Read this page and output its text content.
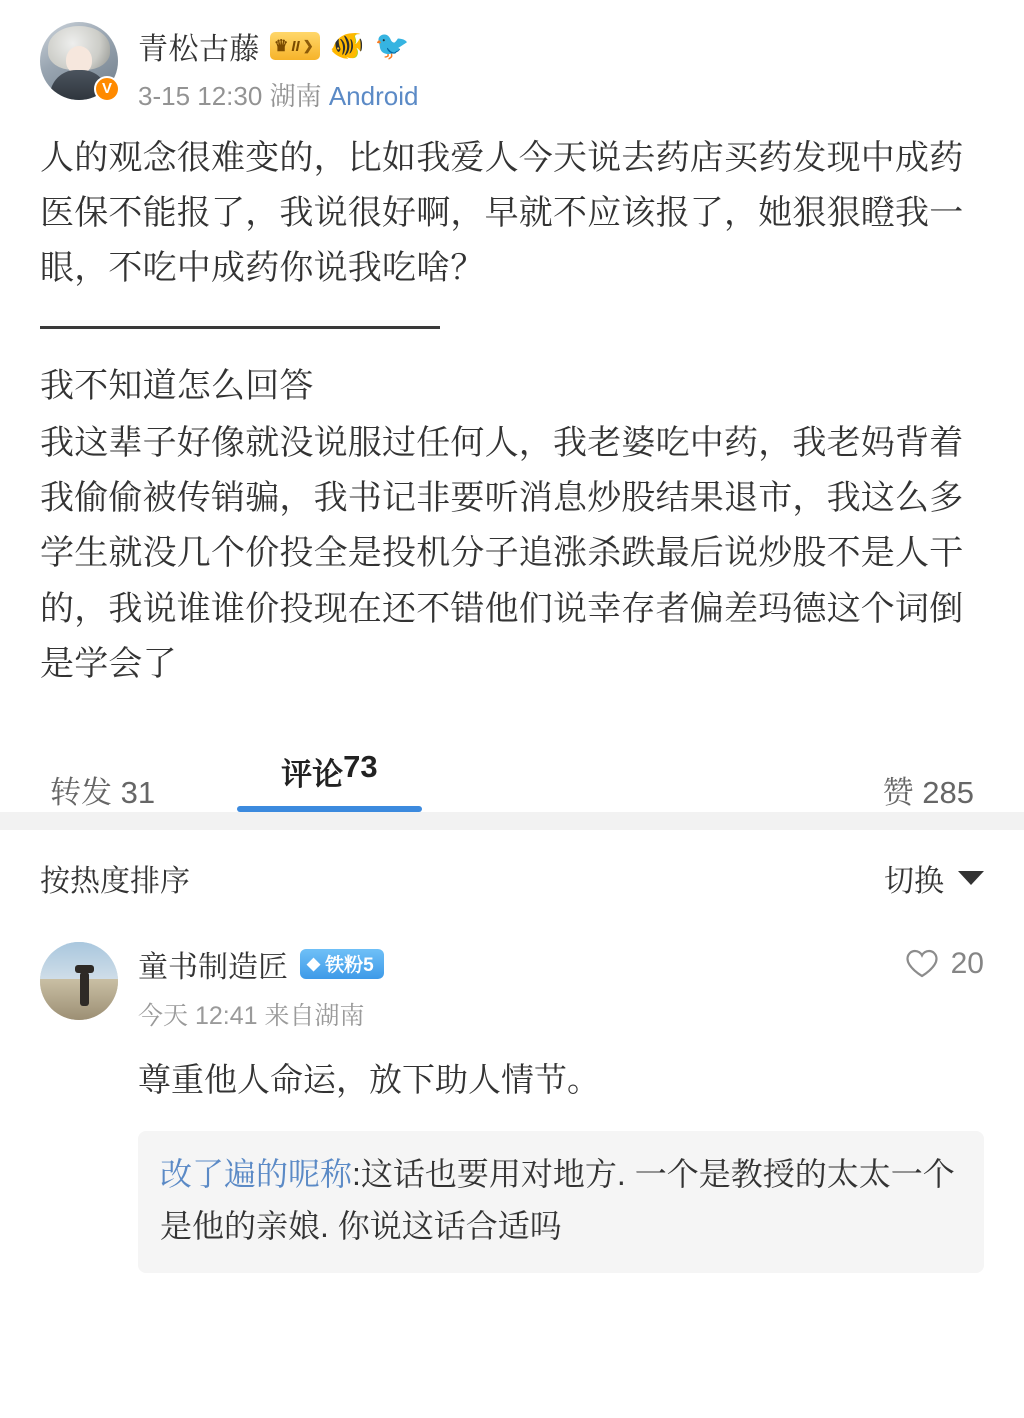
V
青松古藤 ♛ II ❯ 🐠 🐦
3-15 12:30 湖南 Android

人的观念很难变的，比如我爱人今天说去药店买药发现中成药医保不能报了，我说很好啊，早就不应该报了，她狠狠瞪我一眼，不吃中成药你说我吃啥？

我不知道怎么回答

我这辈子好像就没说服过任何人，我老婆吃中药，我老妈背着我偷偷被传销骗，我书记非要听消息炒股结果退市，我这么多学生就没几个价投全是投机分子追涨杀跌最后说炒股不是人干的，我说谁谁价投现在还不错他们说幸存者偏差玛德这个词倒是学会了

转发 31
评论 73
赞 285
按热度排序	切换
童书制造匠 ◆ 铁粉5	20
今天 12:41 来自湖南
尊重他人命运，放下助人情节。
改了遍的呢称:这话也要用对地方. 一个是教授的太太一个是他的亲娘. 你说这话合适吗
